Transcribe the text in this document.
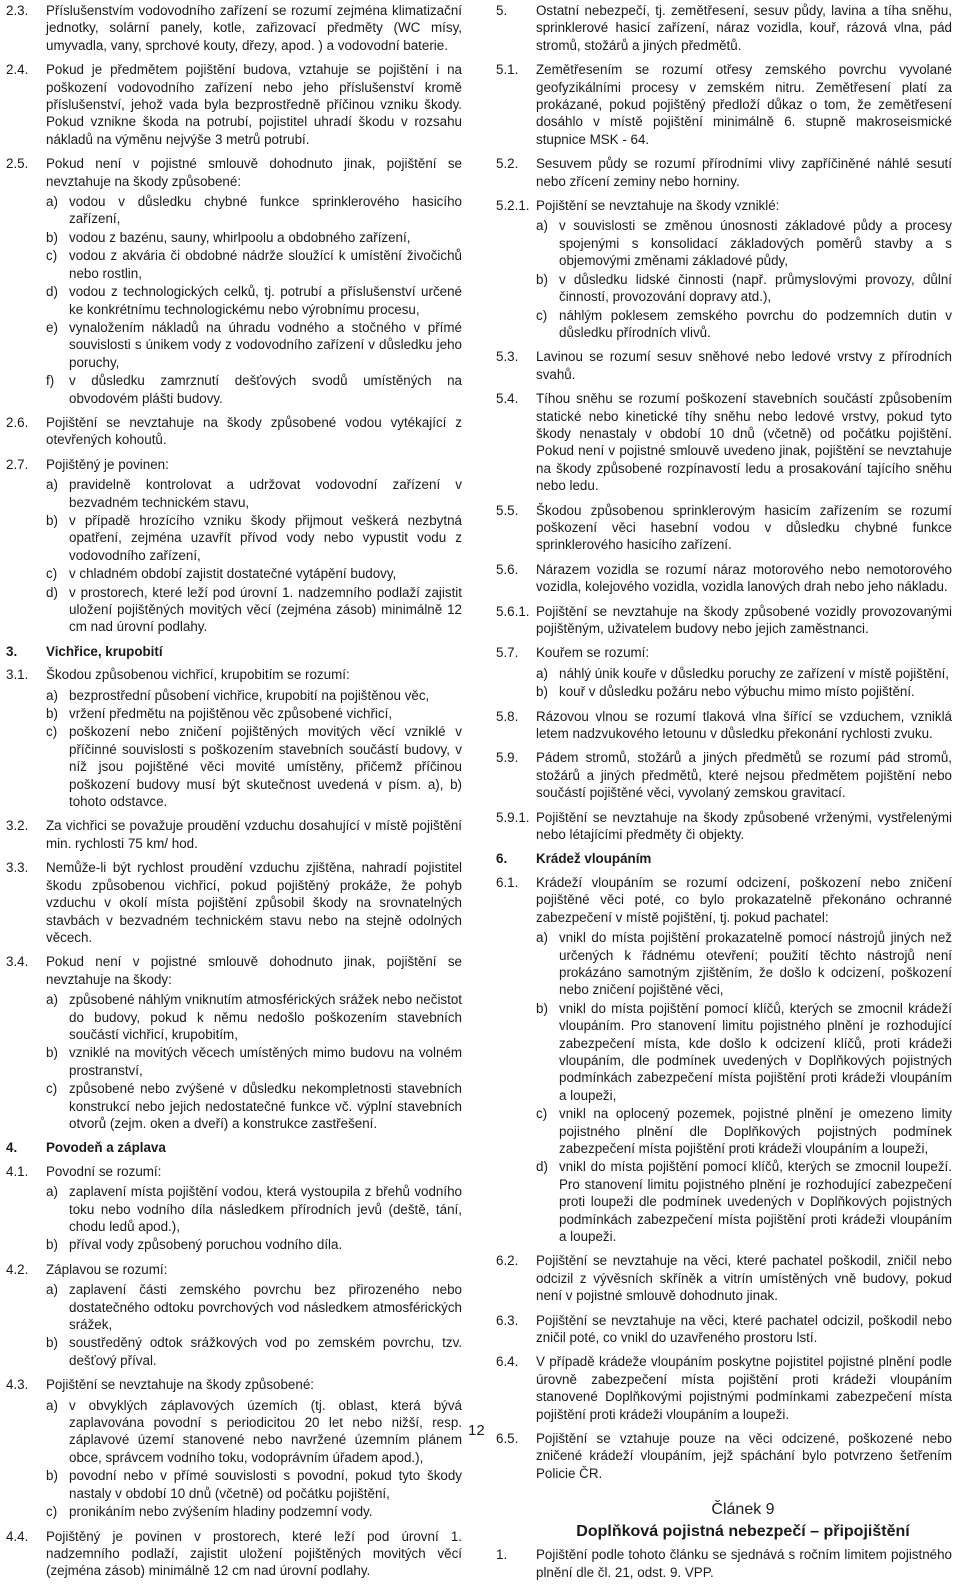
2.3.	Příslušenstvím vodovodního zařízení se rozumí zejména klimatizační jednotky, solární panely, kotle, zařizovací předměty (WC mísy, umyvadla, vany, sprchové kouty, dřezy, apod. ) a vodovodní baterie.
2.4.	Pokud je předmětem pojištění budova, vztahuje se pojištění i na poškození vodovodního zařízení nebo jeho příslušenství kromě příslušenství, jehož vada byla bezprostředně příčinou vzniku škody. Pokud vznikne škoda na potrubí, pojistitel uhradí škodu v rozsahu nákladů na výměnu nejvýše 3 metrů potrubí.
2.5.	Pokud není v pojistné smlouvě dohodnuto jinak, pojištění se nevztahuje na škody způsobené:
a) vodou v důsledku chybné funkce sprinklerového hasicího zařízení,
b) vodou z bazénu, sauny, whirlpoolu a obdobného zařízení,
c) vodou z akvária či obdobné nádrže sloužící k umístění živočichů nebo rostlin,
d) vodou z technologických celků, tj. potrubí a příslušenství určené ke konkrétnímu technologickému nebo výrobnímu procesu,
e) vynaložením nákladů na úhradu vodného a stočného v přímé souvislosti s únikem vody z vodovodního zařízení v důsledku jeho poruchy,
f)	v důsledku zamrznutí dešťových svodů umístěných na obvodovém plášti budovy.
2.6.	Pojištění se nevztahuje na škody způsobené vodou vytékající z otevřených kohoutů.
2.7.	Pojištěný je povinen:
a) pravidelně kontrolovat a udržovat vodovodní zařízení v bezvadném technickém stavu,
b) v případě hrozícího vzniku škody přijmout veškerá nezbytná opatření, zejména uzavřít přívod vody nebo vypustit vodu z vodovodního zařízení,
c) v chladném období zajistit dostatečné vytápění budovy,
d) v prostorech, které leží pod úrovní 1. nadzemního podlaží zajistit uložení pojištěných movitých věcí (zejména zásob) minimálně 12 cm nad úrovní podlahy.
3.	Vichřice, krupobití
3.1.	Škodou způsobenou vichřicí, krupobitím se rozumí:
a) bezprostřední působení vichřice, krupobití na pojištěnou věc,
b) vržení předmětu na pojištěnou věc způsobené vichřicí,
c) poškození nebo zničení pojištěných movitých věcí vzniklé v příčinné souvislosti s poškozením stavebních součástí budovy, v níž jsou pojištěné věci movité umístěny, přičemž příčinou poškození budovy musí být skutečnost uvedená v písm. a), b) tohoto odstavce.
3.2.	Za vichřici se považuje proudění vzduchu dosahující v místě pojištění min. rychlosti 75 km/ hod.
3.3.	Nemůže-li být rychlost proudění vzduchu zjištěna, nahradí pojistitel škodu způsobenou vichřicí, pokud pojištěný prokáže, že pohyb vzduchu v okolí místa pojištění způsobil škody na srovnatelných stavbách v bezvadném technickém stavu nebo na stejně odolných věcech.
3.4.	Pokud není v pojistné smlouvě dohodnuto jinak, pojištění se nevztahuje na škody:
a) způsobené náhlým vniknutím atmosférických srážek nebo nečistot do budovy, pokud k němu nedošlo poškozením stavebních součástí vichřicí, krupobitím,
b) vzniklé na movitých věcech umístěných mimo budovu na volném prostranství,
c) způsobené nebo zvýšené v důsledku nekompletnosti stavebních konstrukcí nebo jejich nedostatečné funkce vč. výplní stavebních otvorů (zejm. oken a dveří) a konstrukce zastřešení.
4.	Povodeň a záplava
4.1.	Povodní se rozumí:
a) zaplavení místa pojištění vodou, která vystoupila z břehů vodního toku nebo vodního díla následkem přírodních jevů (deště, tání, chodu ledů apod.),
b) příval vody způsobený poruchou vodního díla.
4.2.	Záplavou se rozumí:
a) zaplavení části zemského povrchu bez přirozeného nebo dostatečného odtoku povrchových vod následkem atmosférických srážek,
b) soustředěný odtok srážkových vod po zemském povrchu, tzv. dešťový příval.
4.3.	Pojištění se nevztahuje na škody způsobené:
a) v obvyklých záplavových územích (tj. oblast, která bývá zaplavována povodní s periodicitou 20 let nebo nižší, resp. záplavové území stanovené nebo navržené územním plánem obce, správcem vodního toku, vodoprávním úřadem apod.),
b) povodní nebo v přímé souvislosti s povodní, pokud tyto škody nastaly v období 10 dnů (včetně) od počátku pojištění,
c) pronikáním nebo zvýšením hladiny podzemní vody.
4.4.	Pojištěný je povinen v prostorech, které leží pod úrovní 1. nadzemního podlaží, zajistit uložení pojištěných movitých věcí (zejména zásob) minimálně 12 cm nad úrovní podlahy.
5.	Ostatní nebezpečí, tj. zemětřesení, sesuv půdy, lavina a tíha sněhu, sprinklerové hasicí zařízení, náraz vozidla, kouř, rázová vlna, pád stromů, stožárů a jiných předmětů.
5.1.	Zemětřesením se rozumí otřesy zemského povrchu vyvolané geofyzikálními procesy v zemském nitru. Zemětřesení platí za prokázané, pokud pojištěný předloží důkaz o tom, že zemětřesení dosáhlo v místě pojištění minimálně 6. stupně makroseismické stupnice MSK - 64.
5.2.	Sesuvem půdy se rozumí přírodními vlivy zapříčiněné náhlé sesutí nebo zřícení zeminy nebo horniny.
5.2.1. Pojištění se nevztahuje na škody vzniklé:
a) v souvislosti se změnou únosnosti základové půdy a procesy spojenými s konsolidací základových poměrů stavby a s objemovými změnami základové půdy,
b) v důsledku lidské činnosti (např. průmyslovými provozy, důlní činností, provozování dopravy atd.),
c) náhlým poklesem zemského povrchu do podzemních dutin v důsledku přírodních vlivů.
5.3.	Lavinou se rozumí sesuv sněhové nebo ledové vrstvy z přírodních svahů.
5.4.	Tíhou sněhu se rozumí poškození stavebních součástí způsobením statické nebo kinetické tíhy sněhu nebo ledové vrstvy, pokud tyto škody nenastaly v období 10 dnů (včetně) od počátku pojištění. Pokud není v pojistné smlouvě uvedeno jinak, pojištění se nevztahuje na škody způsobené rozpínavostí ledu a prosakování tajícího sněhu nebo ledu.
5.5.	Škodou způsobenou sprinklerovým hasicím zařízením se rozumí poškození věci hasební vodou v důsledku chybné funkce sprinklerového hasicího zařízení.
5.6.	Nárazem vozidla se rozumí náraz motorového nebo nemotorového vozidla, kolejového vozidla, vozidla lanových drah nebo jeho nákladu.
5.6.1. Pojištění se nevztahuje na škody způsobené vozidly provozovanými pojištěným, uživatelem budovy nebo jejich zaměstnanci.
5.7.	Kouřem se rozumí:
a) náhlý únik kouře v důsledku poruchy ze zařízení v místě pojištění,
b) kouř v důsledku požáru nebo výbuchu mimo místo pojištění.
5.8.	Rázovou vlnou se rozumí tlaková vlna šířící se vzduchem, vzniklá letem nadzvukového letounu v důsledku překonání rychlosti zvuku.
5.9.	Pádem stromů, stožárů a jiných předmětů se rozumí pád stromů, stožárů a jiných předmětů, které nejsou předmětem pojištění nebo součástí pojištěné věci, vyvolaný zemskou gravitací.
5.9.1. Pojištění se nevztahuje na škody způsobené vrženými, vystřelenými nebo létajícími předměty či objekty.
6.	Krádež vloupáním
6.1.	Krádeží vloupáním se rozumí odcizení, poškození nebo zničení pojištěné věci poté, co bylo prokazatelně překonáno ochranné zabezpečení v místě pojištění, tj. pokud pachatel:
a) vnikl do místa pojištění prokazatelně pomocí nástrojů jiných než určených k řádnému otevření; použití těchto nástrojů není prokázáno samotným zjištěním, že došlo k odcizení, poškození nebo zničení pojištěné věci,
b) vnikl do místa pojištění pomocí klíčů, kterých se zmocnil krádeží vloupáním. Pro stanovení limitu pojistného plnění je rozhodující zabezpečení místa, kde došlo k odcizení klíčů, proti krádeži vloupáním, dle podmínek uvedených v Doplňkových pojistných podmínkách zabezpečení místa pojištění proti krádeži vloupáním a loupeži,
c) vnikl na oplocený pozemek, pojistné plnění je omezeno limity pojistného plnění dle Doplňkových pojistných podmínek zabezpečení místa pojištění proti krádeži vloupáním a loupeži,
d) vnikl do místa pojištění pomocí klíčů, kterých se zmocnil loupeží. Pro stanovení limitu pojistného plnění je rozhodující zabezpečení proti loupeži dle podmínek uvedených v Doplňkových pojistných podmínkách zabezpečení místa pojištění proti krádeži vloupáním a loupeži.
6.2.	Pojištění se nevztahuje na věci, které pachatel poškodil, zničil nebo odcizil z vývěsních skříněk a vitrín umístěných vně budovy, pokud není v pojistné smlouvě dohodnuto jinak.
6.3.	Pojištění se nevztahuje na věci, které pachatel odcizil, poškodil nebo zničil poté, co vnikl do uzavřeného prostoru lstí.
6.4.	V případě krádeže vloupáním poskytne pojistitel pojistné plnění podle úrovně zabezpečení místa pojištění proti krádeži vloupáním stanovené Doplňkovými pojistnými podmínkami zabezpečení místa pojištění proti krádeži vloupáním a loupeži.
6.5.	Pojištění se vztahuje pouze na věci odcizené, poškozené nebo zničené krádeží vloupáním, jejž spáchání bylo potvrzeno šetřením Policie ČR.
Článek 9
Doplňková pojistná nebezpečí – připojištění
1.	Pojištění podle tohoto článku se sjednává s ročním limitem pojistného plnění dle čl. 21, odst. 9. VPP.
12
